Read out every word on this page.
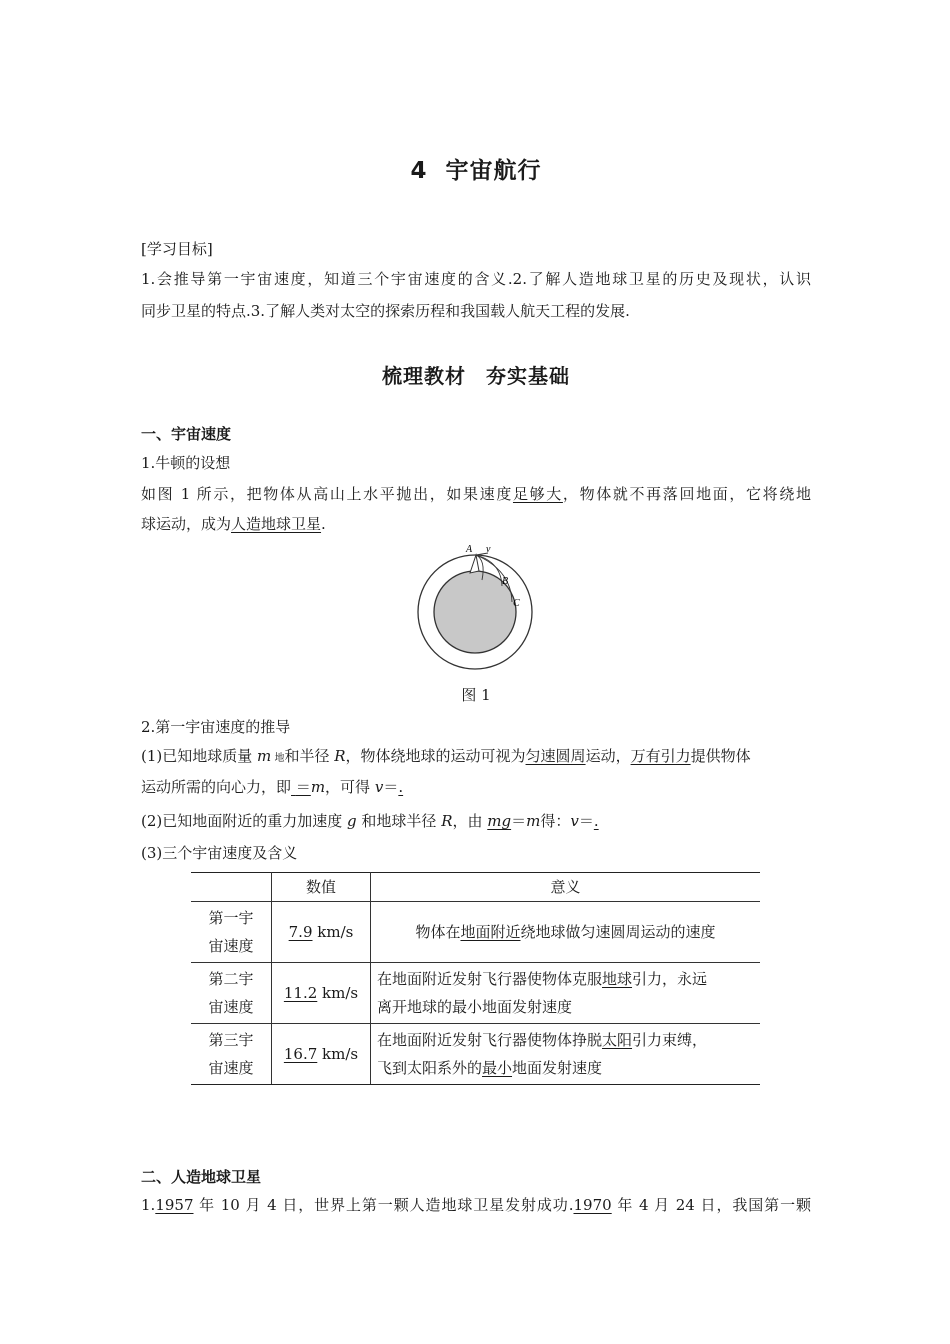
4 宇宙航行
[学习目标]
1.会推导第一宇宙速度，知道三个宇宙速度的含义.2.了解人造地球卫星的历史及现状，认识
同步卫星的特点.3.了解人类对太空的探索历程和我国载人航天工程的发展.
梳理教材 夯实基础
一、宇宙速度
1.牛顿的设想
如图 1 所示，把物体从高山上水平抛出，如果速度足够大，物体就不再落回地面，它将绕地
球运动，成为人造地球卫星.
A v
B
C
图 1
2.第一宇宙速度的推导
(1)已知地球质量 m 地和半径 R，物体绕地球的运动可视为匀速圆周运动，万有引力提供物体
运动所需的向心力，即 ＝m，可得 v＝.
(2)已知地面附近的重力加速度 g 和地球半径 R，由 mg＝m得：v＝.
(3)三个宇宙速度及含义
	数值	意义
第一宇
宙速度	7.9 km/s	物体在地面附近绕地球做匀速圆周运动的速度
第二宇
宙速度	11.2 km/s	在地面附近发射飞行器使物体克服地球引力，永远
离开地球的最小地面发射速度
第三宇
宙速度	16.7 km/s	在地面附近发射飞行器使物体挣脱太阳引力束缚，
飞到太阳系外的最小地面发射速度
二、人造地球卫星
1.1957 年 10 月 4 日，世界上第一颗人造地球卫星发射成功.1970 年 4 月 24 日，我国第一颗
